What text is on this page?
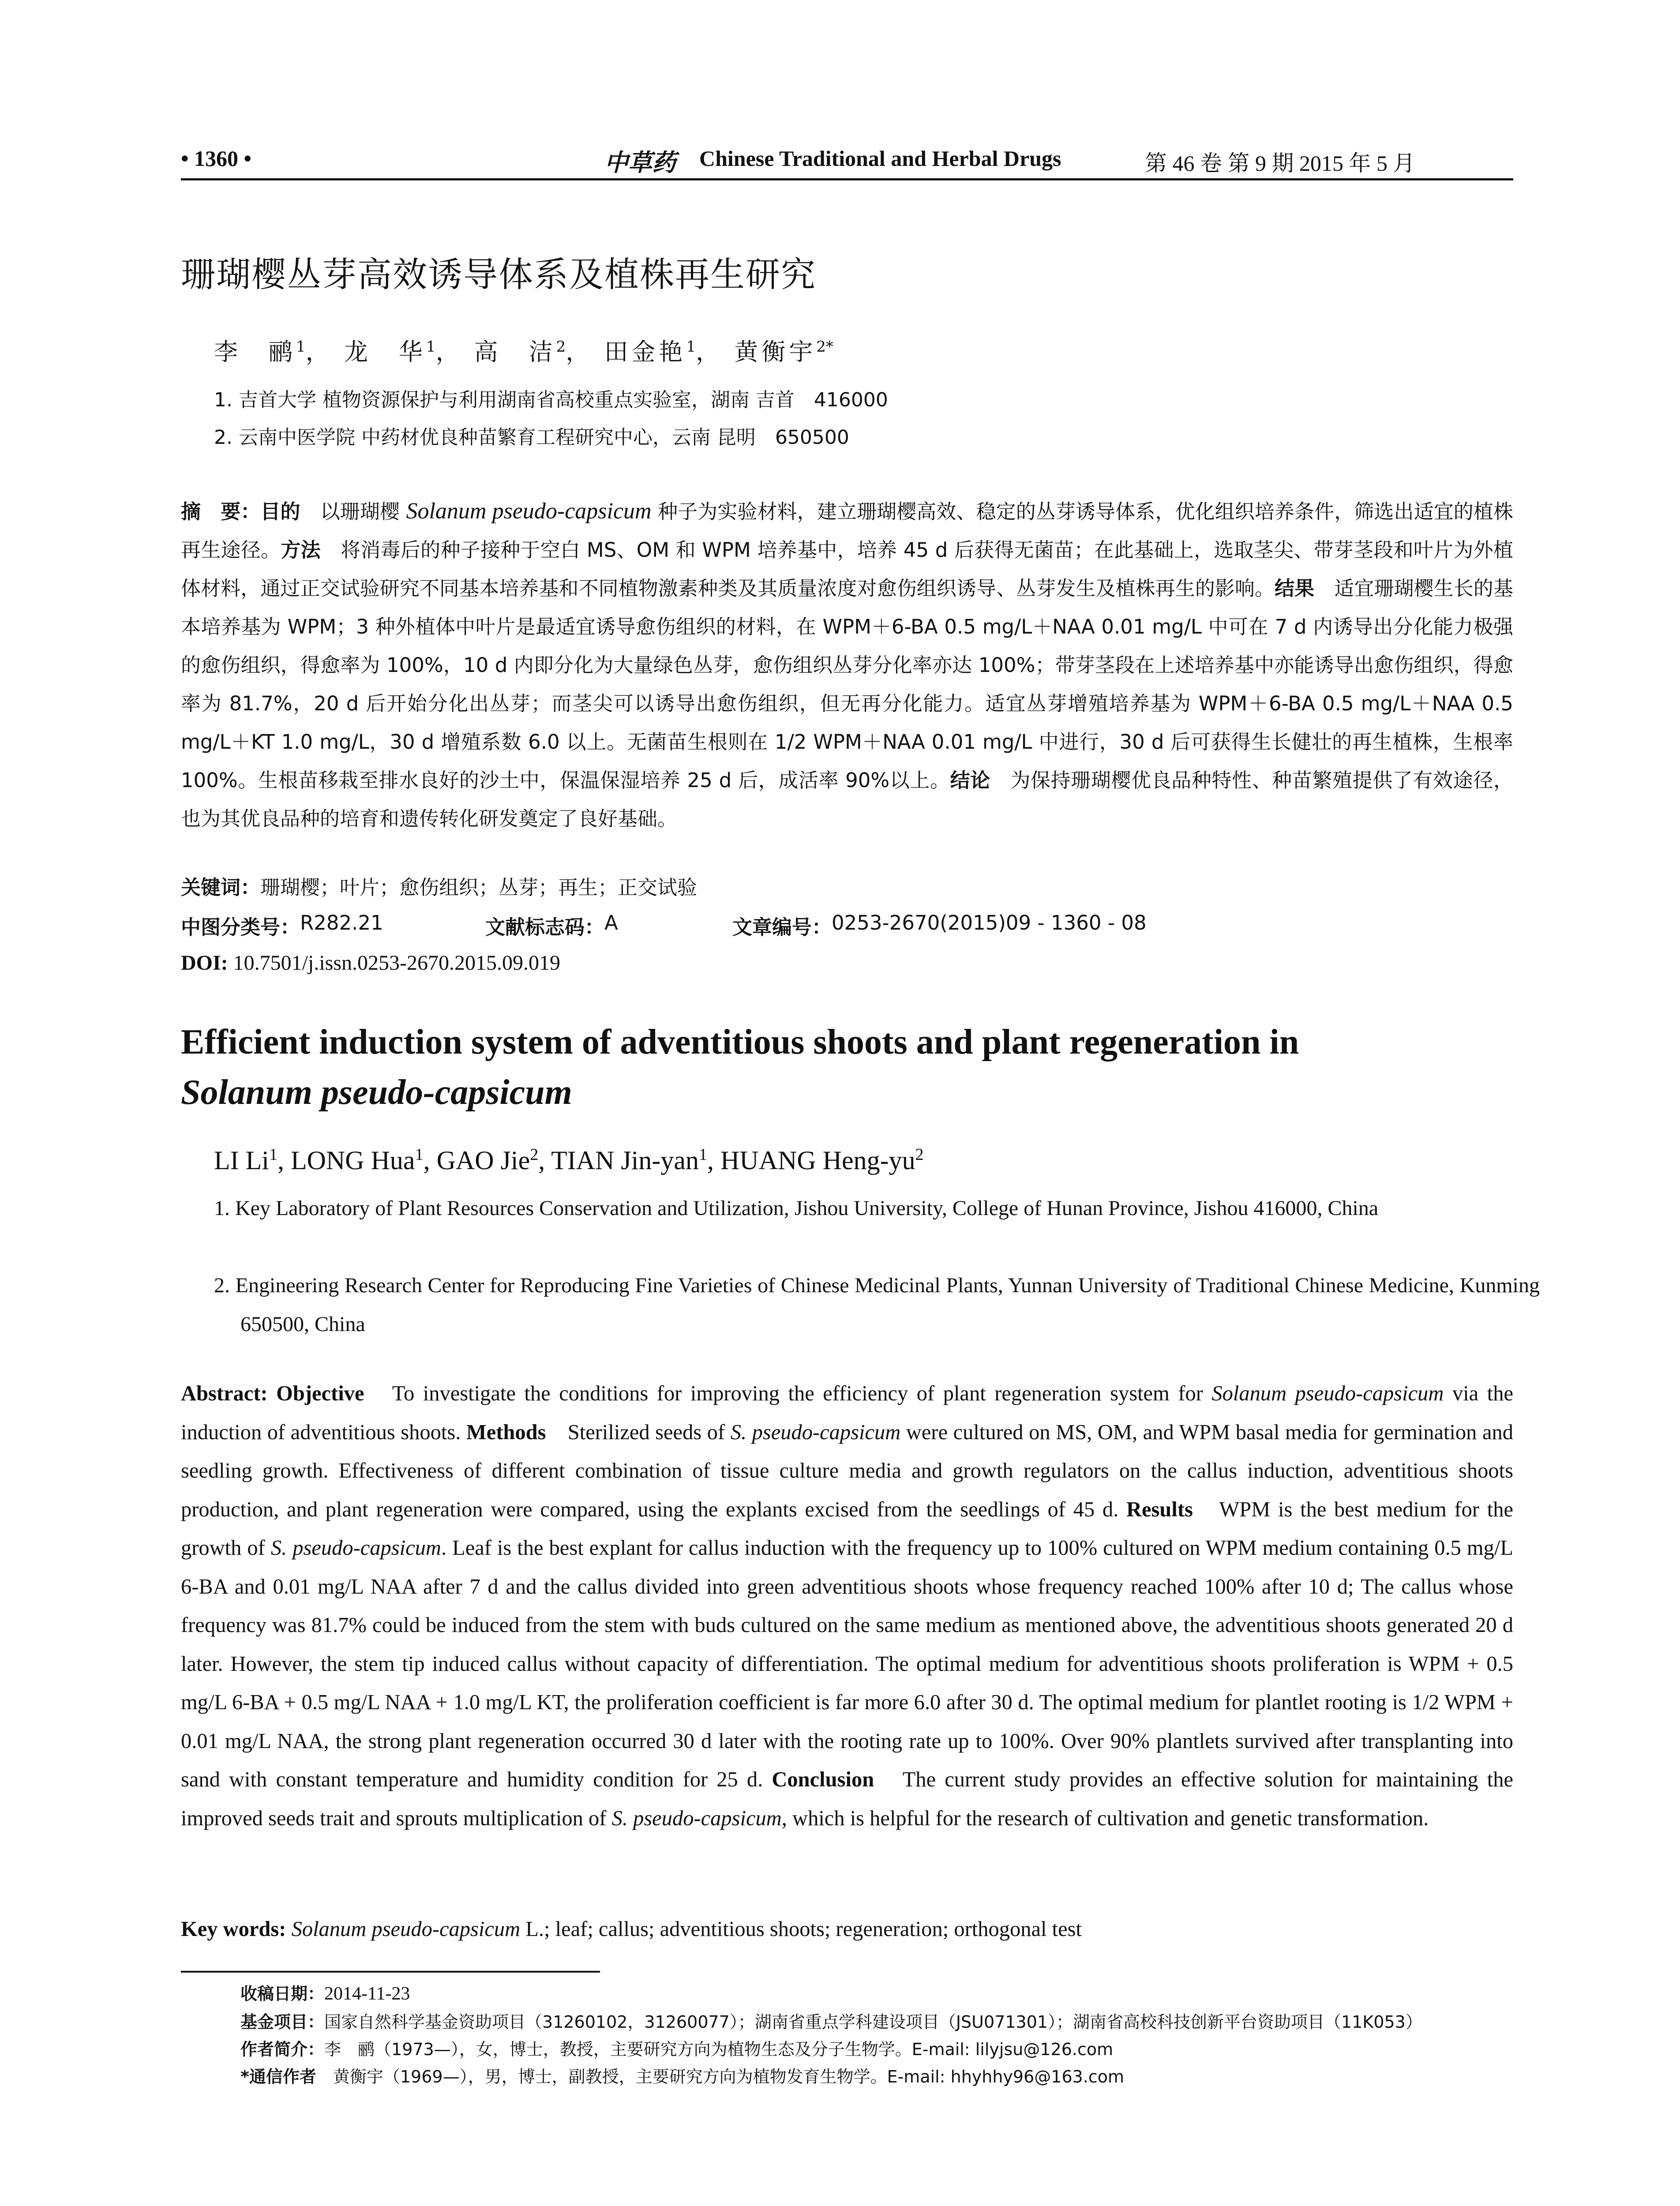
• 1360 •	中草药 Chinese Traditional and Herbal Drugs	第 46 卷 第 9 期 2015 年 5 月
珊瑚樱丛芽高效诱导体系及植株再生研究
李　鹂$^1$， 龙　华$^1$， 高　洁$^2$， 田金艳$^1$， 黄衡宇$^{2*}$
1. 吉首大学 植物资源保护与利用湖南省高校重点实验室，湖南 吉首　416000
2. 云南中医学院 中药材优良种苗繁育工程研究中心，云南 昆明　650500
摘　要：目的　以珊瑚樱 Solanum pseudo-capsicum 种子为实验材料，建立珊瑚樱高效、稳定的丛芽诱导体系，优化组织培养条件，筛选出适宜的植株再生途径。方法　将消毒后的种子接种于空白 MS、OM 和 WPM 培养基中，培养 45 d 后获得无菌苗；在此基础上，选取茎尖、带芽茎段和叶片为外植体材料，通过正交试验研究不同基本培养基和不同植物激素种类及其质量浓度对愈伤组织诱导、丛芽发生及植株再生的影响。结果　适宜珊瑚樱生长的基本培养基为 WPM；3 种外植体中叶片是最适宜诱导愈伤组织的材料，在 WPM＋6-BA 0.5 mg/L＋NAA 0.01 mg/L 中可在 7 d 内诱导出分化能力极强的愈伤组织，得愈率为 100%，10 d 内即分化为大量绿色丛芽，愈伤组织丛芽分化率亦达 100%；带芽茎段在上述培养基中亦能诱导出愈伤组织，得愈率为 81.7%，20 d 后开始分化出丛芽；而茎尖可以诱导出愈伤组织，但无再分化能力。适宜丛芽增殖培养基为 WPM＋6-BA 0.5 mg/L＋NAA 0.5 mg/L＋KT 1.0 mg/L，30 d 增殖系数 6.0 以上。无菌苗生根则在 1/2 WPM＋NAA 0.01 mg/L 中进行，30 d 后可获得生长健壮的再生植株，生根率 100%。生根苗移栽至排水良好的沙土中，保温保湿培养 25 d 后，成活率 90%以上。结论　为保持珊瑚樱优良品种特性、种苗繁殖提供了有效途径，也为其优良品种的培育和遗传转化研发奠定了良好基础。
关键词：珊瑚樱；叶片；愈伤组织；丛芽；再生；正交试验
中图分类号： R282.21	文献标志码： A	文章编号： 0253-2670(2015)09 - 1360 - 08
DOI: 10.7501/j.issn.0253-2670.2015.09.019
Efficient induction system of adventitious shoots and plant regeneration in
Solanum pseudo-capsicum
LI Li$^1$, LONG Hua$^1$, GAO Jie$^2$, TIAN Jin-yan$^1$, HUANG Heng-$yu^2$
1. Key Laboratory of Plant Resources Conservation and Utilization, Jishou University, College of Hunan Province, Jishou 416000, China
2. Engineering Research Center for Reproducing Fine Varieties of Chinese Medicinal Plants, Yunnan University of Traditional Chinese Medicine, Kunming 650500, China
Abstract: Objective　To investigate the conditions for improving the efficiency of plant regeneration system for Solanum pseudo-capsicum via the induction of adventitious shoots. Methods　Sterilized seeds of S. pseudo-capsicum were cultured on MS, OM, and WPM basal media for germination and seedling growth. Effectiveness of different combination of tissue culture media and growth regulators on the callus induction, adventitious shoots production, and plant regeneration were compared, using the explants excised from the seedlings of 45 d. Results　WPM is the best medium for the growth of S. pseudo-capsicum. Leaf is the best explant for callus induction with the frequency up to 100% cultured on WPM medium containing 0.5 mg/L 6-BA and 0.01 mg/L NAA after 7 d and the callus divided into green adventitious shoots whose frequency reached 100% after 10 d; The callus whose frequency was 81.7% could be induced from the stem with buds cultured on the same medium as mentioned above, the adventitious shoots generated 20 d later. However, the stem tip induced callus without capacity of differentiation. The optimal medium for adventitious shoots proliferation is WPM + 0.5 mg/L 6-BA + 0.5 mg/L NAA + 1.0 mg/L KT, the proliferation coefficient is far more 6.0 after 30 d. The optimal medium for plantlet rooting is 1/2 WPM + 0.01 mg/L NAA, the strong plant regeneration occurred 30 d later with the rooting rate up to 100%. Over 90% plantlets survived after transplanting into sand with constant temperature and humidity condition for 25 d. Conclusion　The current study provides an effective solution for maintaining the improved seeds trait and sprouts multiplication of S. pseudo-capsicum, which is helpful for the research of cultivation and genetic transformation.
Key words: Solanum pseudo-capsicum L.; leaf; callus; adventitious shoots; regeneration; orthogonal test
收稿日期：2014-11-23
基金项目：国家自然科学基金资助项目（31260102，31260077）；湖南省重点学科建设项目（JSU071301）；湖南省高校科技创新平台资助项目（11K053）
作者简介：李　鹂（1973—），女，博士，教授，主要研究方向为植物生态及分子生物学。E-mail: lilyjsu@126.com
*通信作者　黄衡宇（1969—），男，博士，副教授，主要研究方向为植物发育生物学。E-mail: hhyhhy96@163.com
